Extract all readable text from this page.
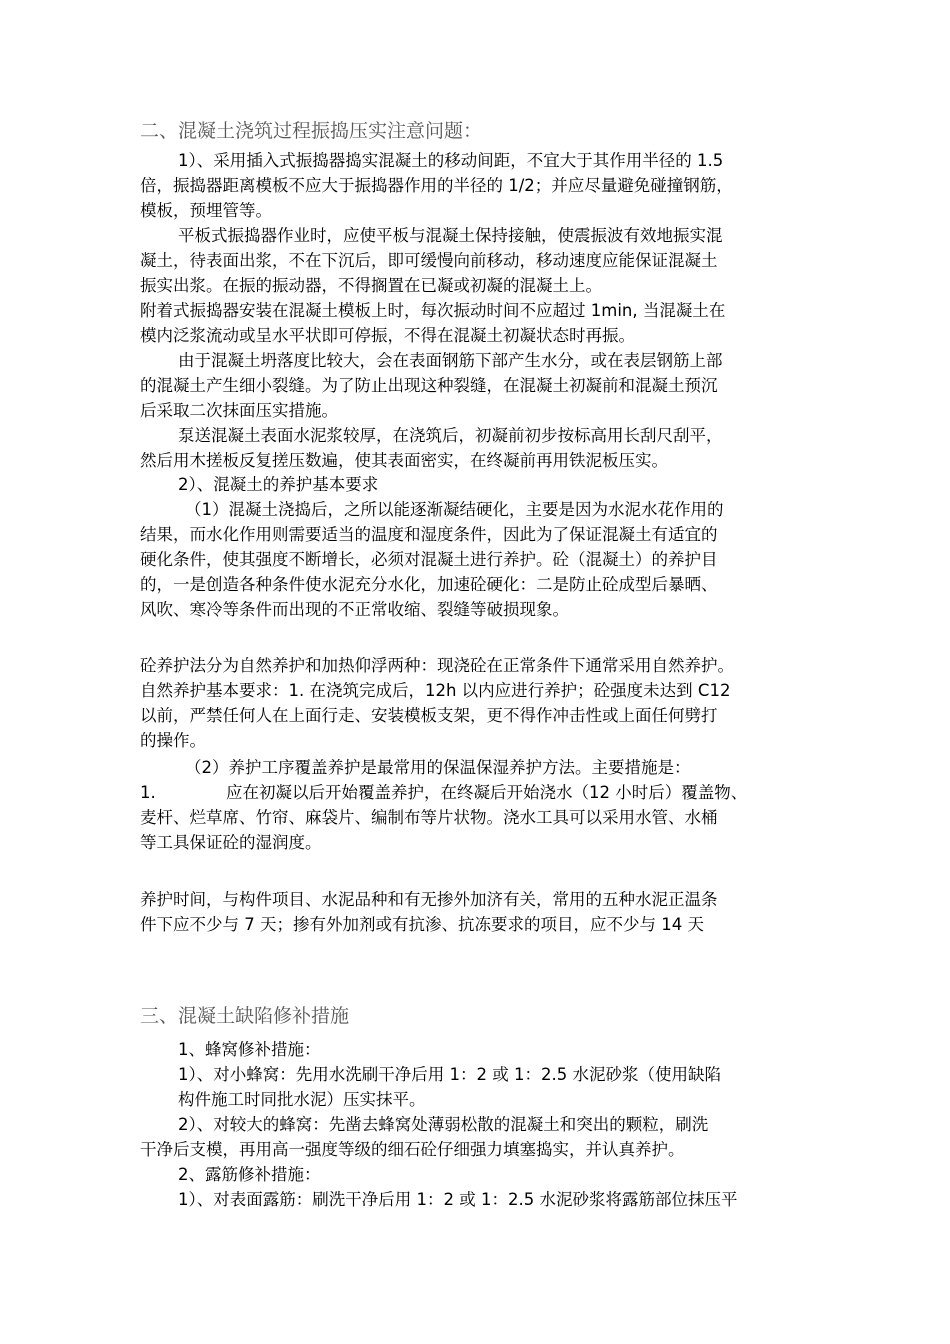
二、混凝土浇筑过程振捣压实注意问题：
1）、采用插入式振捣器捣实混凝土的移动间距，不宜大于其作用半径的 1.5
倍，振捣器距离模板不应大于振捣器作用的半径的 1/2；并应尽量避免碰撞钢筋，
模板，预埋管等。
平板式振捣器作业时，应使平板与混凝土保持接触，使震振波有效地振实混
凝土，待表面出浆，不在下沉后，即可缓慢向前移动，移动速度应能保证混凝土
振实出浆。在振的振动器，不得搁置在已凝或初凝的混凝土上。
附着式振捣器安装在混凝土模板上时，每次振动时间不应超过 1min, 当混凝土在
模内泛浆流动或呈水平状即可停振，不得在混凝土初凝状态时再振。
由于混凝土坍落度比较大，会在表面钢筋下部产生水分，或在表层钢筋上部
的混凝土产生细小裂缝。为了防止出现这种裂缝，在混凝土初凝前和混凝土预沉
后采取二次抹面压实措施。
泵送混凝土表面水泥浆较厚，在浇筑后，初凝前初步按标高用长刮尺刮平，
然后用木搓板反复搓压数遍，使其表面密实，在终凝前再用铁泥板压实。
2）、混凝土的养护基本要求
（1）混凝土浇捣后，之所以能逐渐凝结硬化，主要是因为水泥水花作用的
结果，而水化作用则需要适当的温度和湿度条件，因此为了保证混凝土有适宜的
硬化条件，使其强度不断增长，必须对混凝土进行养护。砼（混凝土）的养护目
的，一是创造各种条件使水泥充分水化，加速砼硬化：二是防止砼成型后暴晒、
风吹、寒冷等条件而出现的不正常收缩、裂缝等破损现象。
砼养护法分为自然养护和加热仰浮两种：现浇砼在正常条件下通常采用自然养护。
自然养护基本要求：1. 在浇筑完成后，12h 以内应进行养护；砼强度未达到 C12
以前，严禁任何人在上面行走、安装模板支架，更不得作冲击性或上面任何劈打
的操作。
（2）养护工序覆盖养护是最常用的保温保湿养护方法。主要措施是：
1.	应在初凝以后开始覆盖养护，在终凝后开始浇水（12 小时后）覆盖物、
麦杆、烂草席、竹帘、麻袋片、编制布等片状物。浇水工具可以采用水管、水桶
等工具保证砼的湿润度。
养护时间，与构件项目、水泥品种和有无掺外加济有关，常用的五种水泥正温条
件下应不少与 7 天；掺有外加剂或有抗渗、抗冻要求的项目，应不少与 14 天
三、混凝土缺陷修补措施
1、蜂窝修补措施：
1）、对小蜂窝：先用水洗刷干净后用 1：2 或 1：2.5 水泥砂浆（使用缺陷
构件施工时同批水泥）压实抹平。
2）、对较大的蜂窝：先凿去蜂窝处薄弱松散的混凝土和突出的颗粒，刷洗
干净后支模，再用高一强度等级的细石砼仔细强力填塞捣实，并认真养护。
2、露筋修补措施：
1）、对表面露筋：刷洗干净后用 1：2 或 1：2.5 水泥砂浆将露筋部位抹压平
